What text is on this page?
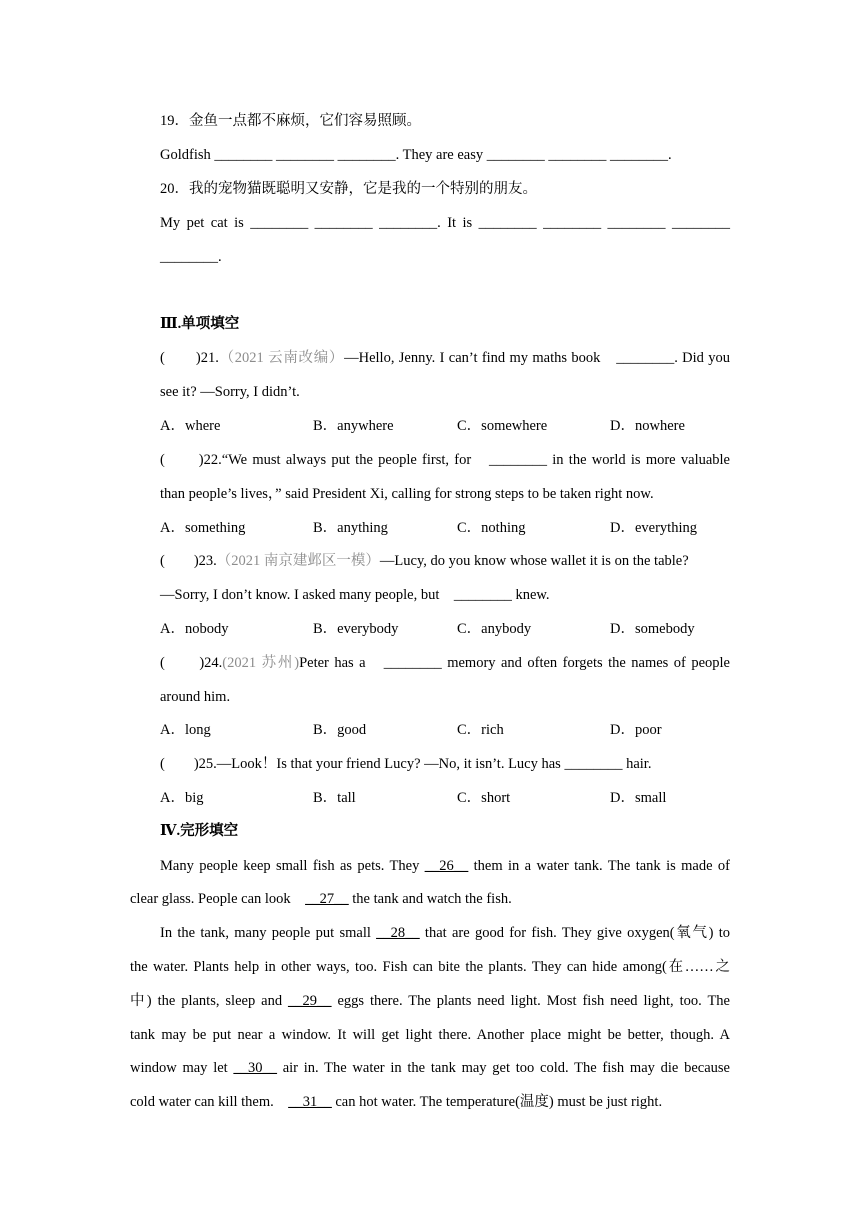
19．金鱼一点都不麻烦，它们容易照顾。
Goldfish ________ ________ ________. They are easy ________ ________ ________.
20．我的宠物猫既聪明又安静，它是我的一个特别的朋友。
My pet cat is ________ ________ ________. It is ________ ________ ________ ________
________.
Ⅲ.单项填空
(　　)21.（2021 云南改编）—Hello, Jenny. I can’t find my maths book　________. Did you
see it? —Sorry, I didn’t.
A．where	B．anywhere	C．somewhere	D．nowhere
(　　)22.“We must always put the people first, for　________ in the world is more valuable
than people’s lives，” said President Xi, calling for strong steps to be taken right now.
A．something	B．anything	C．nothing	D．everything
(　　)23.（2021 南京建邺区一模）—Lucy, do you know whose wallet it is on the table?
—Sorry, I don’t know. I asked many people, but　________ knew.
A．nobody	B．everybody	C．anybody	D．somebody
(　　)24.(2021 苏州)Peter has a　________ memory and often forgets the names of people
around him.
A．long	B．good	C．rich	D．poor
(　　)25.—Look！Is that your friend Lucy? —No, it isn’t. Lucy has ________ hair.
A．big	B．tall	C．short	D．small
Ⅳ.完形填空
Many people keep small fish as pets. They __26__ them in a water tank. The tank is made of
clear glass. People can look　__27__ the tank and watch the fish.
In the tank, many people put small __28__ that are good for fish. They give oxygen(氧气) to
the water. Plants help in other ways, too. Fish can bite the plants. They can hide among(在……之
中) the plants, sleep and __29__ eggs there. The plants need light. Most fish need light, too. The
tank may be put near a window. It will get light there. Another place might be better, though. A
window may let __30__ air in. The water in the tank may get too cold. The fish may die because
cold water can kill them.　__31__ can hot water. The temperature(温度) must be just right.
